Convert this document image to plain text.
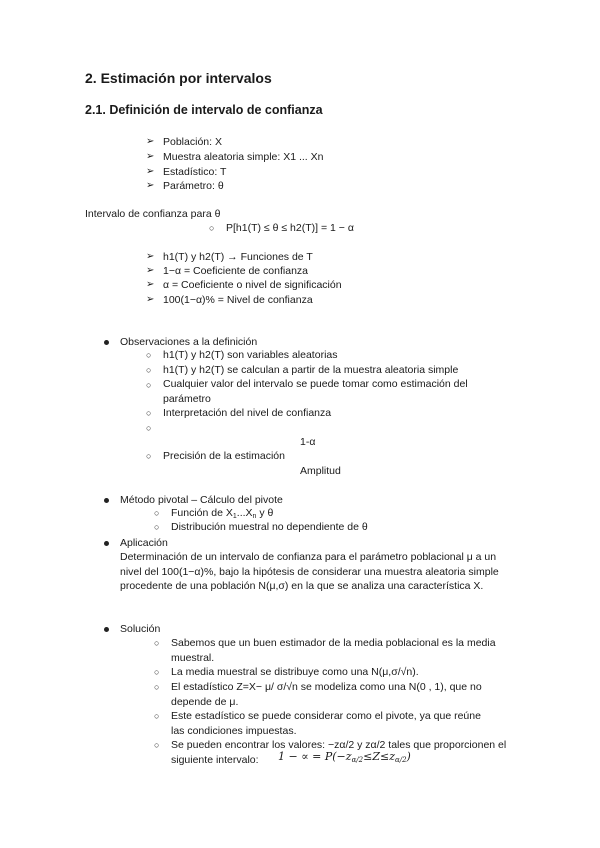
2. Estimación por intervalos
2.1. Definición de intervalo de confianza
➢ Población: X
➢ Muestra aleatoria simple: X1 ... Xn
➢ Estadístico: T
➢ Parámetro: θ
Intervalo de confianza para θ
○ P[h1(T) ≤ θ ≤ h2(T)] = 1 − α
➢ h1(T) y h2(T) → Funciones de T
➢ 1−α = Coeficiente de confianza
➢ α = Coeficiente o nivel de significación
➢ 100(1−α)% = Nivel de confianza
Observaciones a la definición
○ h1(T) y h2(T) son variables aleatorias
○ h1(T) y h2(T) se calculan a partir de la muestra aleatoria simple
○ Cualquier valor del intervalo se puede tomar como estimación del parámetro
○ Interpretación del nivel de confianza
○
1-α
○ Precisión de la estimación
Amplitud
Método pivotal – Cálculo del pivote
○ Función de $X_1...X_n$ y θ
○ Distribución muestral no dependiente de θ
Aplicación
Determinación de un intervalo de confianza para el parámetro poblacional μ a un nivel del 100(1−α)%, bajo la hipótesis de considerar una muestra aleatoria simple procedente de una población N(μ,σ) en la que se analiza una característica X.
Solución
○ Sabemos que un buen estimador de la media poblacional es la media muestral.
○ La media muestral se distribuye como una N(μ,σ/√n).
○ El estadístico Z=X− μ/ σ/√n se modeliza como una N(0 , 1), que no depende de μ.
○ Este estadístico se puede considerar como el pivote, ya que reúne las condiciones impuestas.
○ Se pueden encontrar los valores: −zα/2 y zα/2 tales que proporcionen el siguiente intervalo:	1 − ∝ = $P(-z_{\alpha/2}\le Z\le z_{\alpha/2})$
